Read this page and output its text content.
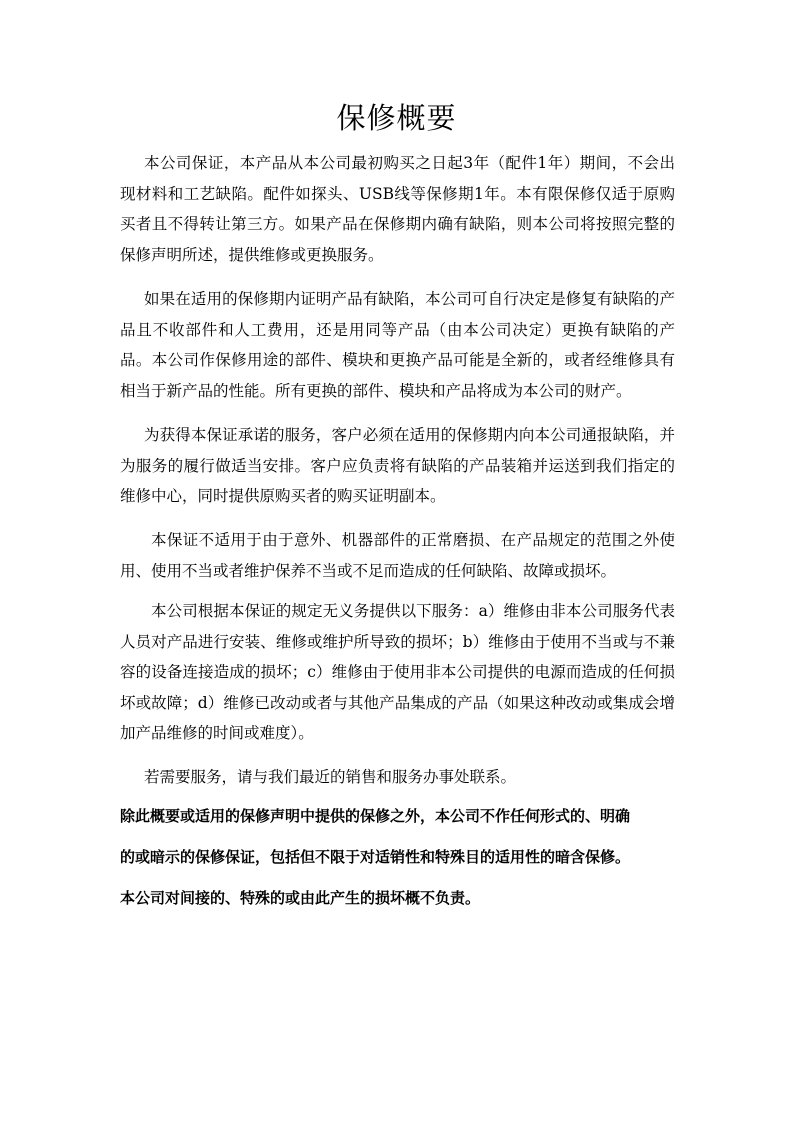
保修概要

本公司保证，本产品从本公司最初购买之日起3年（配件1年）期间，不会出现材料和工艺缺陷。配件如探头、USB线等保修期1年。本有限保修仅适于原购买者且不得转让第三方。如果产品在保修期内确有缺陷，则本公司将按照完整的保修声明所述，提供维修或更换服务。

如果在适用的保修期内证明产品有缺陷，本公司可自行决定是修复有缺陷的产品且不收部件和人工费用，还是用同等产品（由本公司决定）更换有缺陷的产品。本公司作保修用途的部件、模块和更换产品可能是全新的，或者经维修具有相当于新产品的性能。所有更换的部件、模块和产品将成为本公司的财产。

为获得本保证承诺的服务，客户必须在适用的保修期内向本公司通报缺陷，并为服务的履行做适当安排。客户应负责将有缺陷的产品装箱并运送到我们指定的维修中心，同时提供原购买者的购买证明副本。

本保证不适用于由于意外、机器部件的正常磨损、在产品规定的范围之外使用、使用不当或者维护保养不当或不足而造成的任何缺陷、故障或损坏。

本公司根据本保证的规定无义务提供以下服务：a）维修由非本公司服务代表人员对产品进行安装、维修或维护所导致的损坏；b）维修由于使用不当或与不兼容的设备连接造成的损坏；c）维修由于使用非本公司提供的电源而造成的任何损坏或故障；d）维修已改动或者与其他产品集成的产品（如果这种改动或集成会增加产品维修的时间或难度）。

若需要服务，请与我们最近的销售和服务办事处联系。

除此概要或适用的保修声明中提供的保修之外，本公司不作任何形式的、明确
的或暗示的保修保证，包括但不限于对适销性和特殊目的适用性的暗含保修。
本公司对间接的、特殊的或由此产生的损坏概不负责。
